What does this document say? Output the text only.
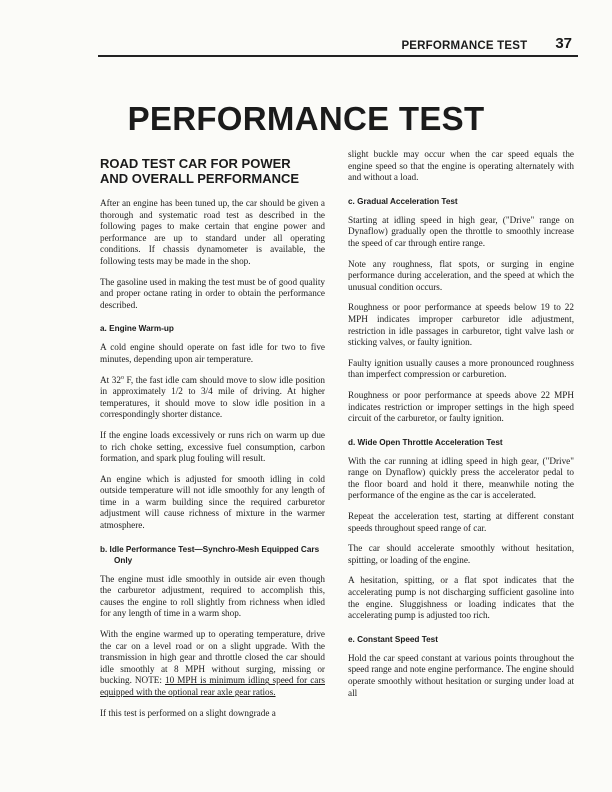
PERFORMANCE TEST 37
PERFORMANCE TEST
ROAD TEST CAR FOR POWER
AND OVERALL PERFORMANCE

After an engine has been tuned up, the car should be given a thorough and systematic road test as described in the following pages to make certain that engine power and performance are up to standard under all operating conditions. If chassis dynamometer is available, the following tests may be made in the shop.

The gasoline used in making the test must be of good quality and proper octane rating in order to obtain the performance described.

a. Engine Warm-up

A cold engine should operate on fast idle for two to five minutes, depending upon air temperature.

At 32$^o$ F, the fast idle cam should move to slow idle position in approximately 1/2 to 3/4 mile of driving. At higher temperatures, it should move to slow idle position in a correspondingly shorter distance.

If the engine loads excessively or runs rich on warm up due to rich choke setting, excessive fuel consumption, carbon formation, and spark plug fouling will result.

An engine which is adjusted for smooth idling in cold outside temperature will not idle smoothly for any length of time in a warm building since the required carburetor adjustment will cause richness of mixture in the warmer atmosphere.

b. Idle Performance Test—Synchro-Mesh Equipped Cars Only

The engine must idle smoothly in outside air even though the carburetor adjustment, required to accomplish this, causes the engine to roll slightly from richness when idled for any length of time in a warm shop.

With the engine warmed up to operating temperature, drive the car on a level road or on a slight upgrade. With the transmission in high gear and throttle closed the car should idle smoothly at 8 MPH without surging, missing or bucking. NOTE: 10 MPH is minimum idling speed for cars equipped with the optional rear axle gear ratios.

If this test is performed on a slight downgrade a

slight buckle may occur when the car speed equals the engine speed so that the engine is operating alternately with and without a load.

c. Gradual Acceleration Test

Starting at idling speed in high gear, ("Drive" range on Dynaflow) gradually open the throttle to smoothly increase the speed of car through entire range.

Note any roughness, flat spots, or surging in engine performance during acceleration, and the speed at which the unusual condition occurs.

Roughness or poor performance at speeds below 19 to 22 MPH indicates improper carburetor idle adjustment, restriction in idle passages in carburetor, tight valve lash or sticking valves, or faulty ignition.

Faulty ignition usually causes a more pronounced roughness than imperfect compression or carburetion.

Roughness or poor performance at speeds above 22 MPH indicates restriction or improper settings in the high speed circuit of the carburetor, or faulty ignition.

d. Wide Open Throttle Acceleration Test

With the car running at idling speed in high gear, ("Drive" range on Dynaflow) quickly press the accelerator pedal to the floor board and hold it there, meanwhile noting the performance of the engine as the car is accelerated.

Repeat the acceleration test, starting at different constant speeds throughout speed range of car.

The car should accelerate smoothly without hesitation, spitting, or loading of the engine.

A hesitation, spitting, or a flat spot indicates that the accelerating pump is not discharging sufficient gasoline into the engine. Sluggishness or loading indicates that the accelerating pump is adjusted too rich.

e. Constant Speed Test

Hold the car speed constant at various points throughout the speed range and note engine performance. The engine should operate smoothly without hesitation or surging under load at all
